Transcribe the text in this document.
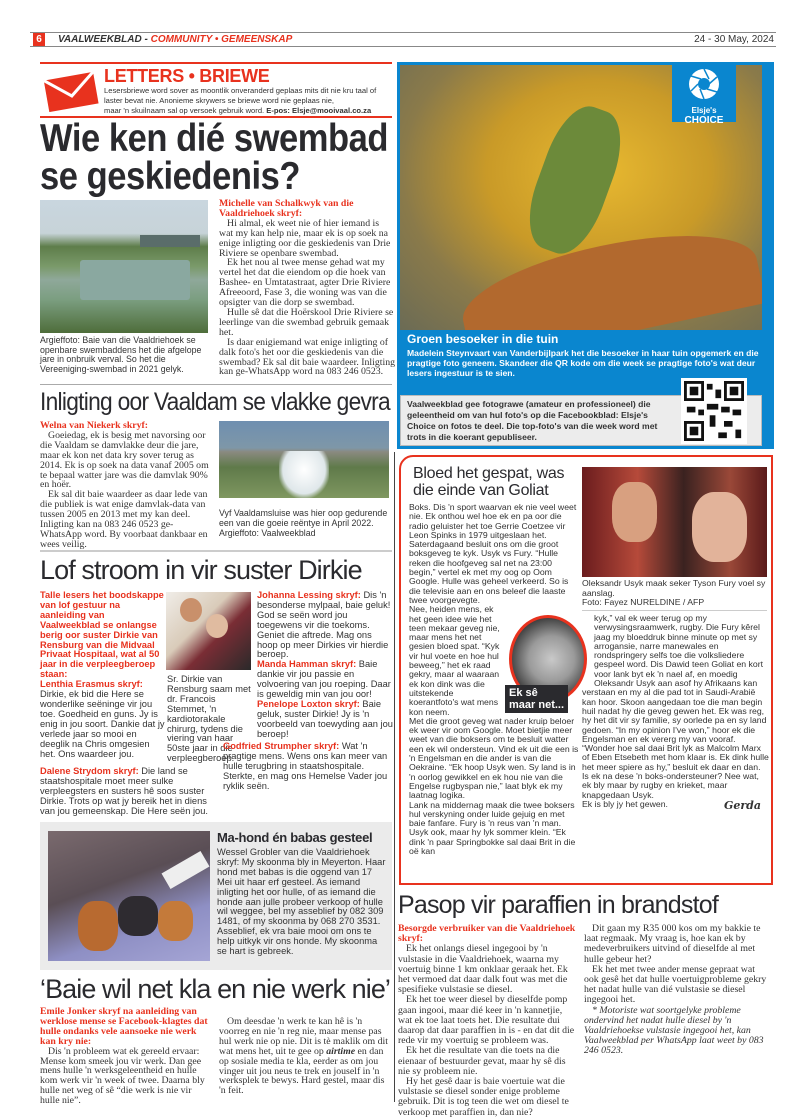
6	VAALWEEKBLAD - COMMUNITY • GEMEENSKAP	24 - 30 May, 2024
LETTERS • BRIEWE
Lesersbriewe word sover as moontlik onveranderd geplaas mits dit nie kru taal of
laster bevat nie. Anonieme skrywers se briewe word nie geplaas nie,
maar 'n skuilnaam sal op versoek gebruik word. E-pos: Elsje@mooivaal.co.za
Wie ken dié swembad
se geskiedenis?

Argieffoto: Baie van die Vaaldriehoek se openbare swembaddens het die afgelope jare in onbruik verval. So het die Vereeniging-swembad in 2021 gelyk.

Michelle van Schalkwyk van die Vaaldriehoek skryf:

Hi almal, ek weet nie of hier iemand is wat my kan help nie, maar ek is op soek na enige inligting oor die geskiedenis van Drie Riviere se openbare swembad.

Ek het nou al twee mense gehad wat my vertel het dat die eiendom op die hoek van Bashee- en Umtatastraat, agter Drie Riviere Afreeoord, Fase 3, die woning was van die opsigter van die dorp se swembad.

Hulle sê dat die Hoërskool Drie Riviere se leerlinge van die swembad gebruik gemaak het.

Is daar enigiemand wat enige inligting of dalk foto's het oor die geskiedenis van die swembad? Ek sal dit baie waardeer. Inligting kan ge-WhatsApp word na 083 246 0523.

Elsje's
CHOICE
Groen besoeker in die tuin

Madelein Steynvaart van Vanderbijlpark het die besoeker in haar tuin opgemerk en die pragtige foto geneem. Skandeer die QR kode om die week se pragtige foto's wat deur lesers ingestuur is te sien.

Vaalweekblad gee fotograwe (amateur en professioneel) die geleentheid om van hul foto's op die Facebookblad: Elsje's Choice on fotos te deel. Die top-foto's van die week word met trots in die koerant gepubliseer.

Inligting oor Vaaldam se vlakke gevra

Welna van Niekerk skryf:

Goeiedag, ek is besig met navorsing oor die Vaaldam se damvlakke deur die jare, maar ek kon net data kry sover terug as 2014. Ek is op soek na data vanaf 2005 om te bepaal watter jare was die damvlak 90% en hoër.

Ek sal dit baie waardeer as daar lede van die publiek is wat enige damvlak-data van tussen 2005 en 2013 met my kan deel. Inligting kan na 083 246 0523 ge-WhatsApp word. By voorbaat dankbaar en wees veilig.

Vyf Vaaldamsluise was hier oop gedurende een van die goeie reëntye in April 2022. Argieffoto: Vaalweekblad

Lof stroom in vir suster Dirkie

Talle lesers het boodskappe van lof gestuur na aanleiding van Vaalweekblad se onlangse berig oor suster Dirkie van Rensburg van die Midvaal Privaat Hospitaal, wat al 50 jaar in die verpleegberoep staan:

Lenthia Erasmus skryf: Dirkie, ek bid die Here se wonderlike seëninge vir jou toe. Goedheid en guns. Jy is enig in jou soort. Dankie dat jy verlede jaar so mooi en deeglik na Chris omgesien het. Ons waardeer jou.

Sr. Dirkie van Rensburg saam met dr. Francois Stemmet, 'n kardiotorakale chirurg, tydens die viering van haar 50ste jaar in die verpleegberoep.

Dalene Strydom skryf: Die land se staatshospitale moet meer sulke verpleegsters en susters hê soos suster Dirkie. Trots op wat jy bereik het in diens van jou gemeenskap. Die Here seën jou.

Johanna Lessing skryf: Dis 'n besonderse mylpaal, baie geluk! God se seën word jou toegewens vir die toekoms. Geniet die aftrede. Mag ons hoop op meer Dirkies vir hierdie beroep.

Manda Hamman skryf: Baie dankie vir jou passie en volvoering van jou roeping. Daar is geweldig min van jou oor!

Penelope Loxton skryf: Baie geluk, suster Dirkie! Jy is 'n voorbeeld van toewyding aan jou beroep!

Godfried Strumpher skryf: Wat 'n pragtige mens. Wens ons kan meer van hulle terugbring in staatshospitale. Sterkte, en mag ons Hemelse Vader jou ryklik seën.

Ma-hond én babas gesteel

Wessel Grobler van die Vaaldriehoek skryf: My skoonma bly in Meyerton. Haar hond met babas is die oggend van 17 Mei uit haar erf gesteel. As iemand inligting het oor hulle, of as iemand die honde aan julle probeer verkoop of hulle wil weggee, bel my asseblief by 082 309 1481, of my skoonma by 068 270 3531. Asseblief, ek vra baie mooi om ons te help uitkyk vir ons honde. My skoonma se hart is gebreek.

‘Baie wil net kla en nie werk nie’

Emile Jonker skryf na aanleiding van werklose mense se Facebook-klagtes dat hulle ondanks vele aansoeke nie werk kan kry nie:

Dis 'n probleem wat ek gereeld ervaar: Mense kom smeek jou vir werk. Dan gee mens hulle 'n werksgeleentheid en hulle kom werk vir 'n week of twee. Daarna bly hulle net weg of sê “die werk is nie vir hulle nie”.

Om deesdae 'n werk te kan hê is 'n voorreg en nie 'n reg nie, maar mense pas hul werk nie op nie. Dit is tè maklik om dit wat mens het, uit te gee op airtime en dan op sosiale media te kla, eerder as om jou vinger uit jou neus te trek en jouself in 'n werksplek te bewys. Hard gestel, maar dis 'n feit.

Bloed het gespat, was die einde van Goliat

Boks. Dis 'n sport waarvan ek nie veel weet nie. Ek onthou wel hoe ek en pa oor die radio geluister het toe Gerrie Coetzee vir Leon Spinks in 1979 uitgeslaan het. Saterdagaand besluit ons om die groot boksgeveg te kyk. Usyk vs Fury. “Hulle reken die hoofgeveg sal net na 23:00 begin,” vertel ek met my oog op Oom Google. Hulle was geheel verkeerd. So is die televisie aan en ons beleef die laaste twee voorgevegte.

Nee, heiden mens, ek het geen idee wie het teen mekaar geveg nie, maar mens het net gesien bloed spat. “Kyk vir hul voete en hoe hul beweeg,” het ek raad gekry, maar al waaraan ek kon dink was die uitstekende koerantfoto's wat mens kon neem.

Met die groot geveg wat nader kruip beloer ek weer vir oom Google. Moet bietjie meer weet van die boksers om te besluit watter een ek wil ondersteun. Vind ek uit die een is 'n Engelsman en die ander is van die Oekraine. “Ek hoop Usyk wen. Sy land is in 'n oorlog gewikkel en ek hou nie van die Engelse rugbyspan nie,” laat blyk ek my laatnag logika.

Lank na middernag maak die twee boksers hul verskyning onder luide gejuig en met baie fanfare. Fury is 'n reus van 'n man. Usyk ook, maar hy lyk sommer klein. “Ek dink 'n paar Springbokke sal daai Brit in die oë kan

Oleksandr Usyk maak seker Tyson Fury voel sy aanslag.

Foto: Fayez NURELDINE / AFP

Ek sê
maar net...

kyk,” val ek weer terug op my verwysingsraamwerk, rugby. Die Fury kêrel jaag my bloeddruk binne minute op met sy arrogansie, narre manewales en rondspringery selfs toe die volksliedere gespeel word. Dis Dawid teen Goliat en kort voor lank byt ek 'n nael af, en moedig Oleksandr Usyk aan asof hy Afrikaans kan verstaan en my al die pad tot in Saudi-Arabië kan hoor. Skoon aangedaan toe die man begin huil nadat hy die geveg gewen het. Ek was reg, hy het dit vir sy familie, sy oorlede pa en sy land gedoen. “In my opinion I've won,” hoor ek die Engelsman en ek vererg my van vooraf. “Wonder hoe sal daai Brit lyk as Malcolm Marx of Eben Etsebeth met hom klaar is. Ek dink hulle het meer spiere as hy,” besluit ek daar en dan.

Is ek na dese 'n boks-ondersteuner? Nee wat, ek bly maar by rugby en krieket, maar knapgedaan Usyk.

Ek is bly jy het gewen.	Gerda

Pasop vir paraffien in brandstof

Besorgde verbruiker van die Vaaldriehoek skryf:

Ek het onlangs diesel ingegooi by 'n vulstasie in die Vaaldriehoek, waarna my voertuig binne 1 km onklaar geraak het. Ek het vermoed dat daar dalk fout was met die spesifieke vulstasie se diesel.

Ek het toe weer diesel by dieselfde pomp gaan ingooi, maar dié keer in 'n kannetjie, wat ek toe laat toets het. Die resultate dui daarop dat daar paraffien in is - en dat dit die rede vir my voertuig se probleem was.

Ek het die resultate van die toets na die eienaar of bestuurder gevat, maar hy sê dis nie sy probleem nie.

Hy het gesê daar is baie voertuie wat die vulstasie se diesel sonder enige probleme gebruik. Dit is tog teen die wet om diesel te verkoop met paraffien in, dan nie?

Dit gaan my R35 000 kos om my bakkie te laat regmaak. My vraag is, hoe kan ek by medeverbruikers uitvind of dieselfde al met hulle gebeur het?

Ek het met twee ander mense gepraat wat ook gesê het dat hulle voertuigprobleme gekry het nadat hulle van dié vulstasie se diesel ingegooi het.

* Motoriste wat soortgelyke probleme ondervind het nadat hulle diesel by 'n Vaaldriehoekse vulstasie ingegooi het, kan Vaalweekblad per WhatsApp laat weet by 083 246 0523.
